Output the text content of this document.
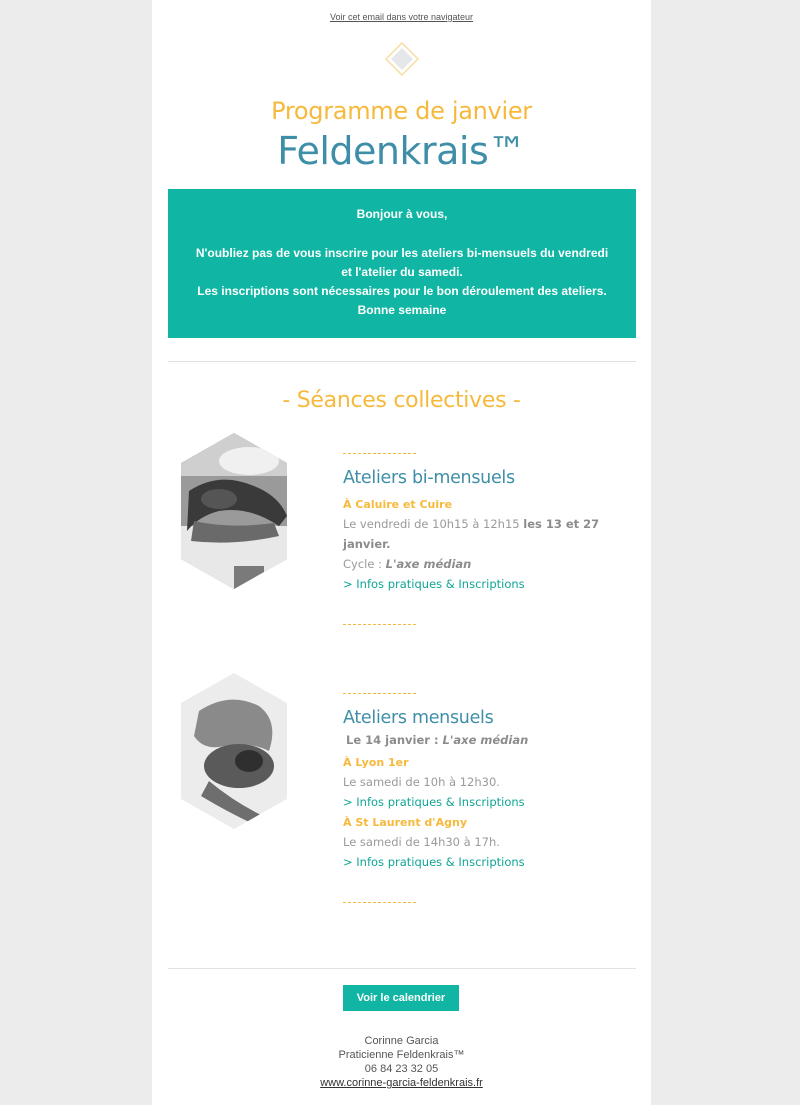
Voir cet email dans votre navigateur
Programme de janvier
Feldenkrais™
Bonjour à vous,
N'oubliez pas de vous inscrire pour les ateliers bi-mensuels du vendredi
et l'atelier du samedi.
Les inscriptions sont nécessaires pour le bon déroulement des ateliers.
Bonne semaine
- Séances collectives -
Ateliers bi-mensuels
À Caluire et Cuire
Le vendredi de 10h15 à 12h15 les 13 et 27 janvier.
Cycle : L'axe médian
> Infos pratiques & Inscriptions
Ateliers mensuels
Le 14 janvier : L'axe médian
À Lyon 1er
Le samedi de 10h à 12h30.
> Infos pratiques & Inscriptions
À St Laurent d'Agny
Le samedi de 14h30 à 17h.
> Infos pratiques & Inscriptions
Voir le calendrier
Corinne Garcia
Praticienne Feldenkrais™
06 84 23 32 05
www.corinne-garcia-feldenkrais.fr
